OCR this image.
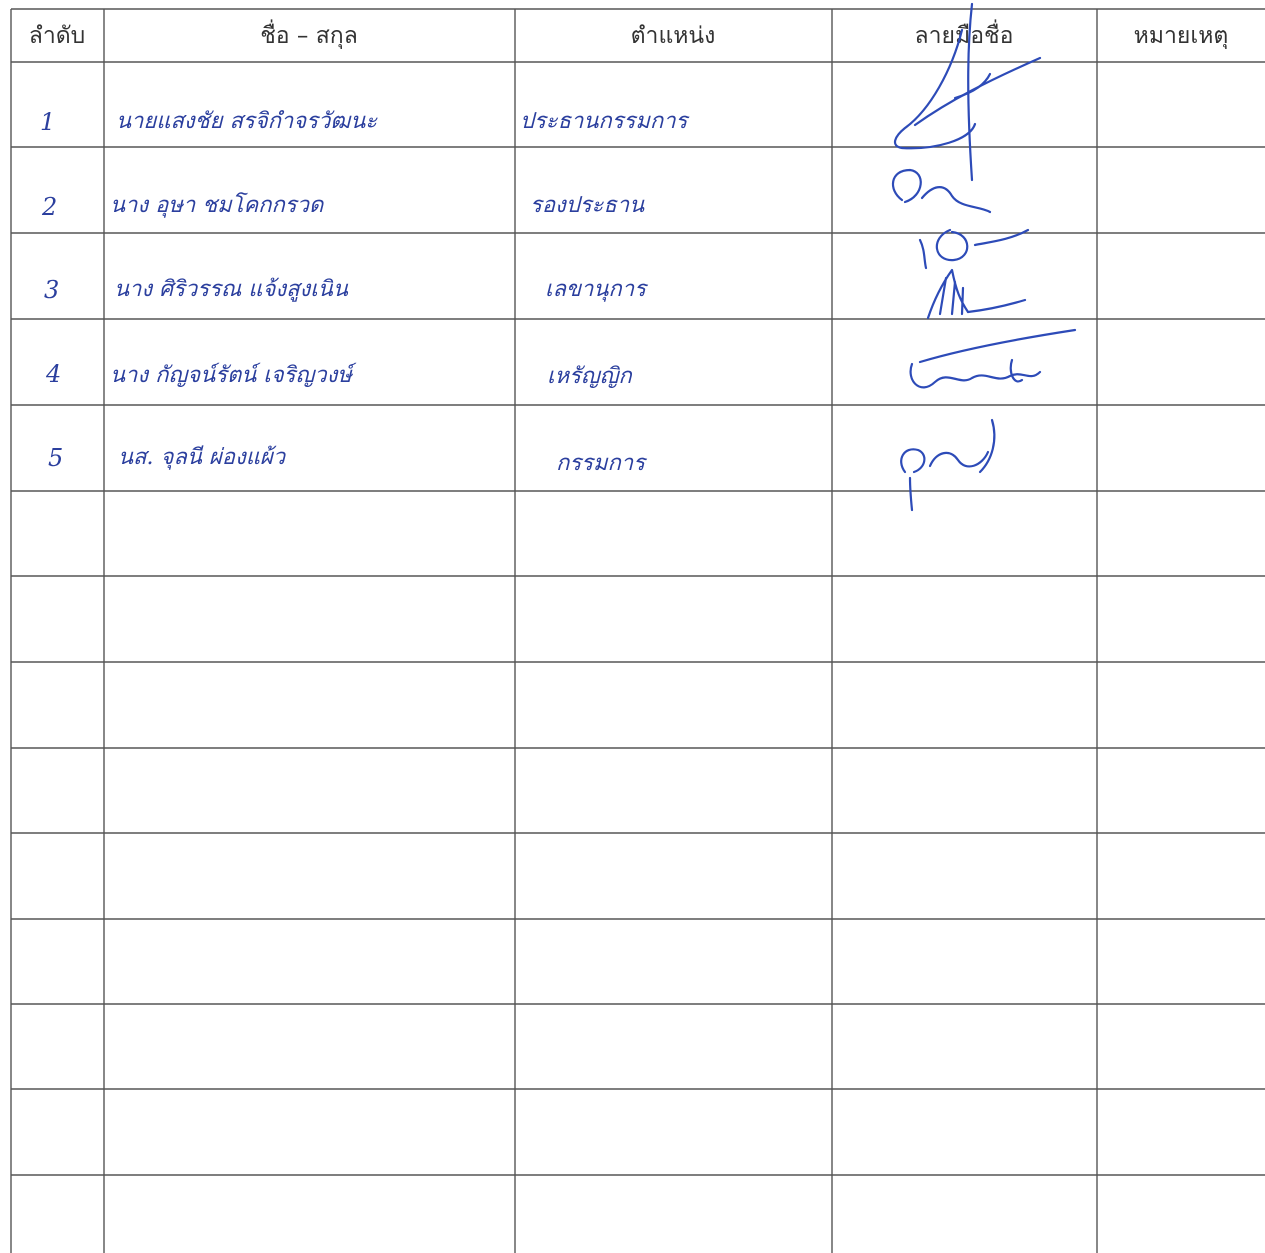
ลำดับ	ชื่อ – สกุล	ตำแหน่ง	ลายมือชื่อ	หมายเหตุ
1	นายแสงชัย สรจิกำจรวัฒนะ	ประธานกรรมการ
2 นาง อุษา ชมโคกกรวด	รองประธาน
3 นาง ศิริวรรณ แจ้งสูงเนิน	เลขานุการ
4 นาง กัญจน์รัตน์ เจริญวงษ์	เหรัญญิก
5 นส. จุลนี ผ่องแผ้ว	กรรมการ
